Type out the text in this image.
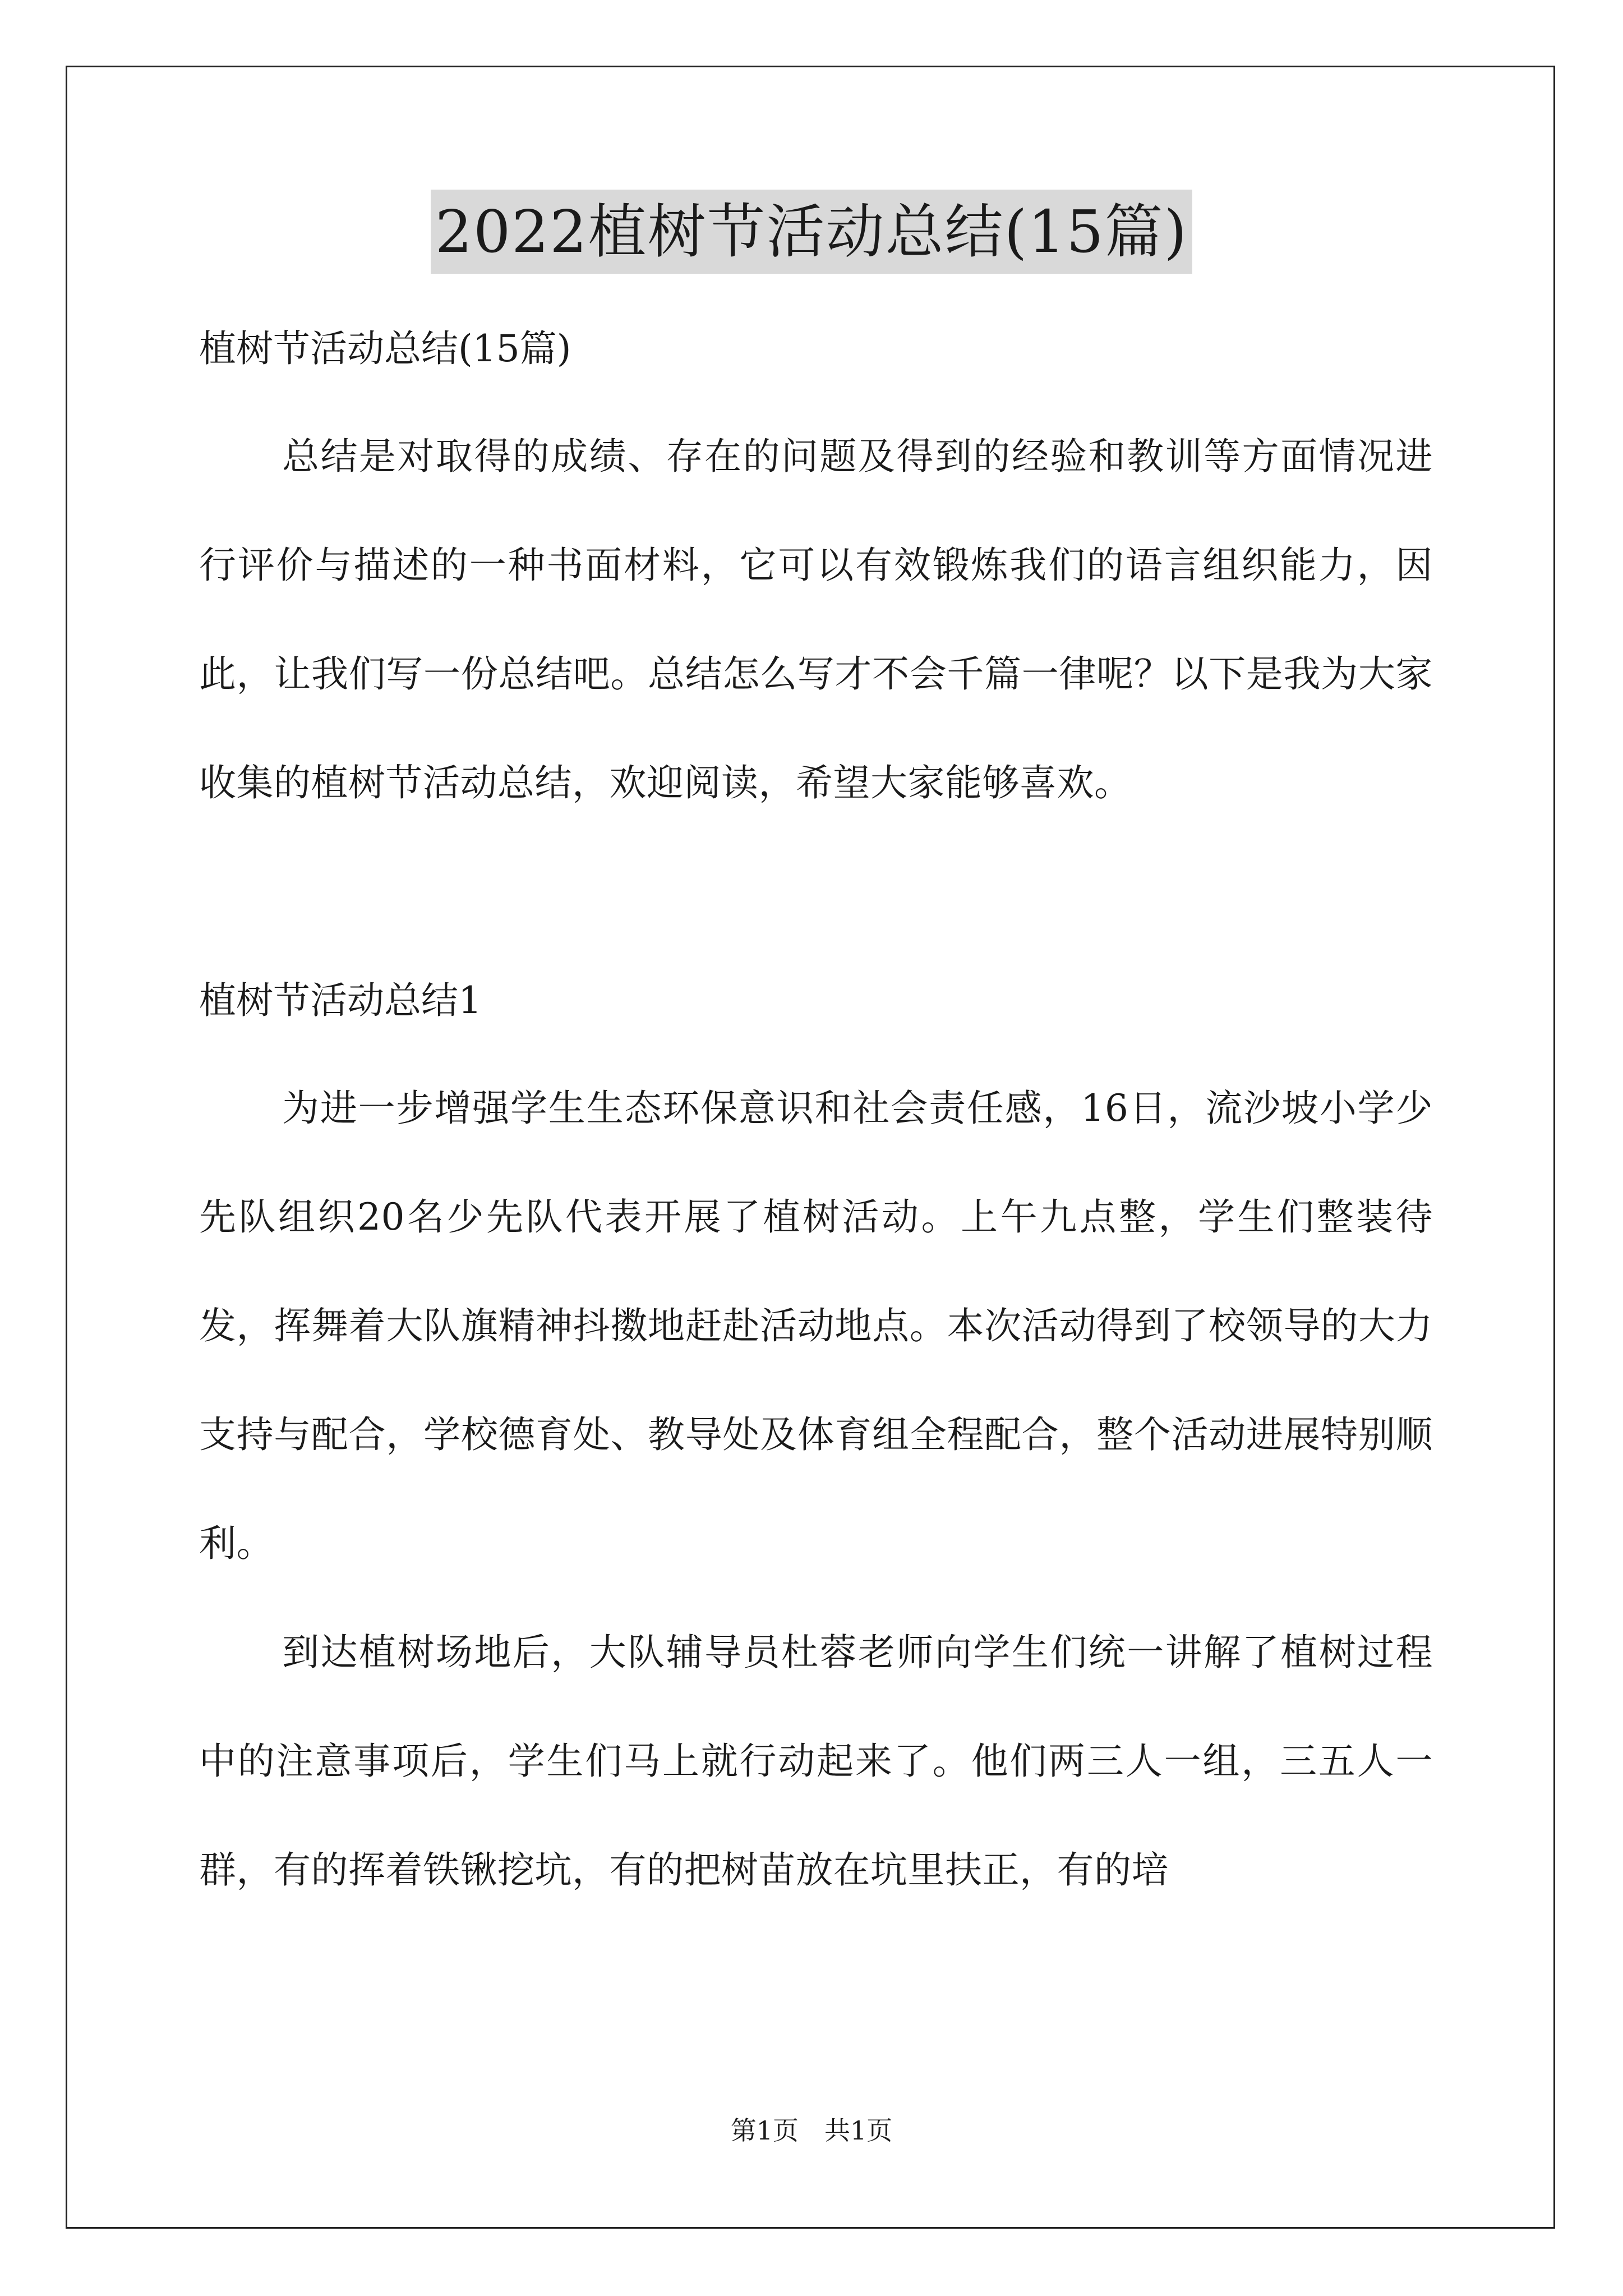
2022植树节活动总结(15篇)

植树节活动总结(15篇)

总结是对取得的成绩、存在的问题及得到的经验和教训等方面情况进行评价与描述的一种书面材料，它可以有效锻炼我们的语言组织能力，因此，让我们写一份总结吧。总结怎么写才不会千篇一律呢？以下是我为大家收集的植树节活动总结，欢迎阅读，希望大家能够喜欢。

植树节活动总结1

为进一步增强学生生态环保意识和社会责任感，16日，流沙坡小学少先队组织20名少先队代表开展了植树活动。上午九点整，学生们整装待发，挥舞着大队旗精神抖擞地赶赴活动地点。本次活动得到了校领导的大力支持与配合，学校德育处、教导处及体育组全程配合，整个活动进展特别顺利。

到达植树场地后，大队辅导员杜蓉老师向学生们统一讲解了植树过程中的注意事项后，学生们马上就行动起来了。他们两三人一组，三五人一群，有的挥着铁锹挖坑，有的把树苗放在坑里扶正，有的培

第1页　共1页
